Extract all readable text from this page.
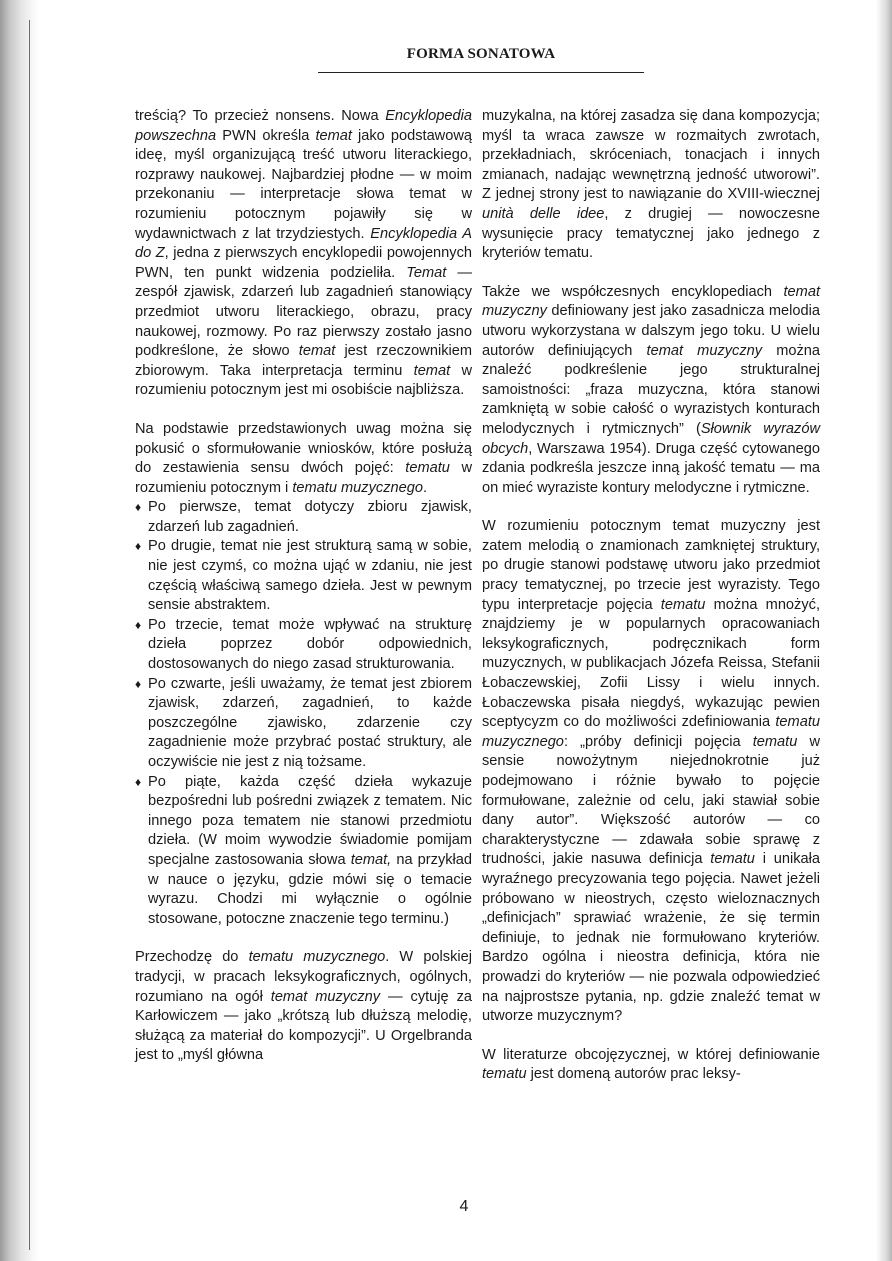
FORMA SONATOWA

treścią? To przecież nonsens. Nowa Encyklopedia powszechna PWN określa temat jako podstawową ideę, myśl organizującą treść utworu literackiego, rozprawy naukowej. Najbardziej płodne — w moim przekonaniu — interpretacje słowa temat w rozumieniu potocznym pojawiły się w wydawnictwach z lat trzydziestych. Encyklopedia A do Z, jedna z pierwszych encyklopedii powojennych PWN, ten punkt widzenia podzieliła. Temat — zespół zjawisk, zdarzeń lub zagadnień stanowiący przedmiot utworu literackiego, obrazu, pracy naukowej, rozmowy. Po raz pierwszy zostało jasno podkreślone, że słowo temat jest rzeczownikiem zbiorowym. Taka interpretacja terminu temat w rozumieniu potocznym jest mi osobiście najbliższa.

Na podstawie przedstawionych uwag można się pokusić o sformułowanie wniosków, które posłużą do zestawienia sensu dwóch pojęć: tematu w rozumieniu potocznym i tematu muzycznego.

♦ Po pierwsze, temat dotyczy zbioru zjawisk, zdarzeń lub zagadnień.
♦ Po drugie, temat nie jest strukturą samą w sobie, nie jest czymś, co można ująć w zdaniu, nie jest częścią właściwą samego dzieła. Jest w pewnym sensie abstraktem.
♦ Po trzecie, temat może wpływać na strukturę dzieła poprzez dobór odpowiednich, dostosowanych do niego zasad strukturowania.
♦ Po czwarte, jeśli uważamy, że temat jest zbiorem zjawisk, zdarzeń, zagadnień, to każde poszczególne zjawisko, zdarzenie czy zagadnienie może przybrać postać struktury, ale oczywiście nie jest z nią tożsame.
♦ Po piąte, każda część dzieła wykazuje bezpośredni lub pośredni związek z tematem. Nic innego poza tematem nie stanowi przedmiotu dzieła. (W moim wywodzie świadomie pomijam specjalne zastosowania słowa temat, na przykład w nauce o języku, gdzie mówi się o temacie wyrazu. Chodzi mi wyłącznie o ogólnie stosowane, potoczne znaczenie tego terminu.)

Przechodzę do tematu muzycznego. W polskiej tradycji, w pracach leksykograficznych, ogólnych, rozumiano na ogół temat muzyczny — cytuję za Karłowiczem — jako „krótszą lub dłuższą melodię, służącą za materiał do kompozycji”. U Orgelbranda jest to „myśl główna

muzykalna, na której zasadza się dana kompozycja; myśl ta wraca zawsze w rozmaitych zwrotach, przekładniach, skróceniach, tonacjach i innych zmianach, nadając wewnętrzną jedność utworowi”. Z jednej strony jest to nawiązanie do XVIII-wiecznej unità delle idee, z drugiej — nowoczesne wysunięcie pracy tematycznej jako jednego z kryteriów tematu.

Także we współczesnych encyklopediach temat muzyczny definiowany jest jako zasadnicza melodia utworu wykorzystana w dalszym jego toku. U wielu autorów definiujących temat muzyczny można znaleźć podkreślenie jego strukturalnej samoistności: „fraza muzyczna, która stanowi zamkniętą w sobie całość o wyrazistych konturach melodycznych i rytmicznych” (Słownik wyrazów obcych, Warszawa 1954). Druga część cytowanego zdania podkreśla jeszcze inną jakość tematu — ma on mieć wyraziste kontury melodyczne i rytmiczne.

W rozumieniu potocznym temat muzyczny jest zatem melodią o znamionach zamkniętej struktury, po drugie stanowi podstawę utworu jako przedmiot pracy tematycznej, po trzecie jest wyrazisty. Tego typu interpretacje pojęcia tematu można mnożyć, znajdziemy je w popularnych opracowaniach leksykograficznych, podręcznikach form muzycznych, w publikacjach Józefa Reissa, Stefanii Łobaczewskiej, Zofii Lissy i wielu innych. Łobaczewska pisała niegdyś, wykazując pewien sceptycyzm co do możliwości zdefiniowania tematu muzycznego: „próby definicji pojęcia tematu w sensie nowożytnym niejednokrotnie już podejmowano i różnie bywało to pojęcie formułowane, zależnie od celu, jaki stawiał sobie dany autor”. Większość autorów — co charakterystyczne — zdawała sobie sprawę z trudności, jakie nasuwa definicja tematu i unikała wyraźnego precyzowania tego pojęcia. Nawet jeżeli próbowano w nieostrych, często wieloznacznych „definicjach” sprawiać wrażenie, że się termin definiuje, to jednak nie formułowano kryteriów. Bardzo ogólna i nieostra definicja, która nie prowadzi do kryteriów — nie pozwala odpowiedzieć na najprostsze pytania, np. gdzie znaleźć temat w utworze muzycznym?

W literaturze obcojęzycznej, w której definiowanie tematu jest domeną autorów prac leksy-

4
